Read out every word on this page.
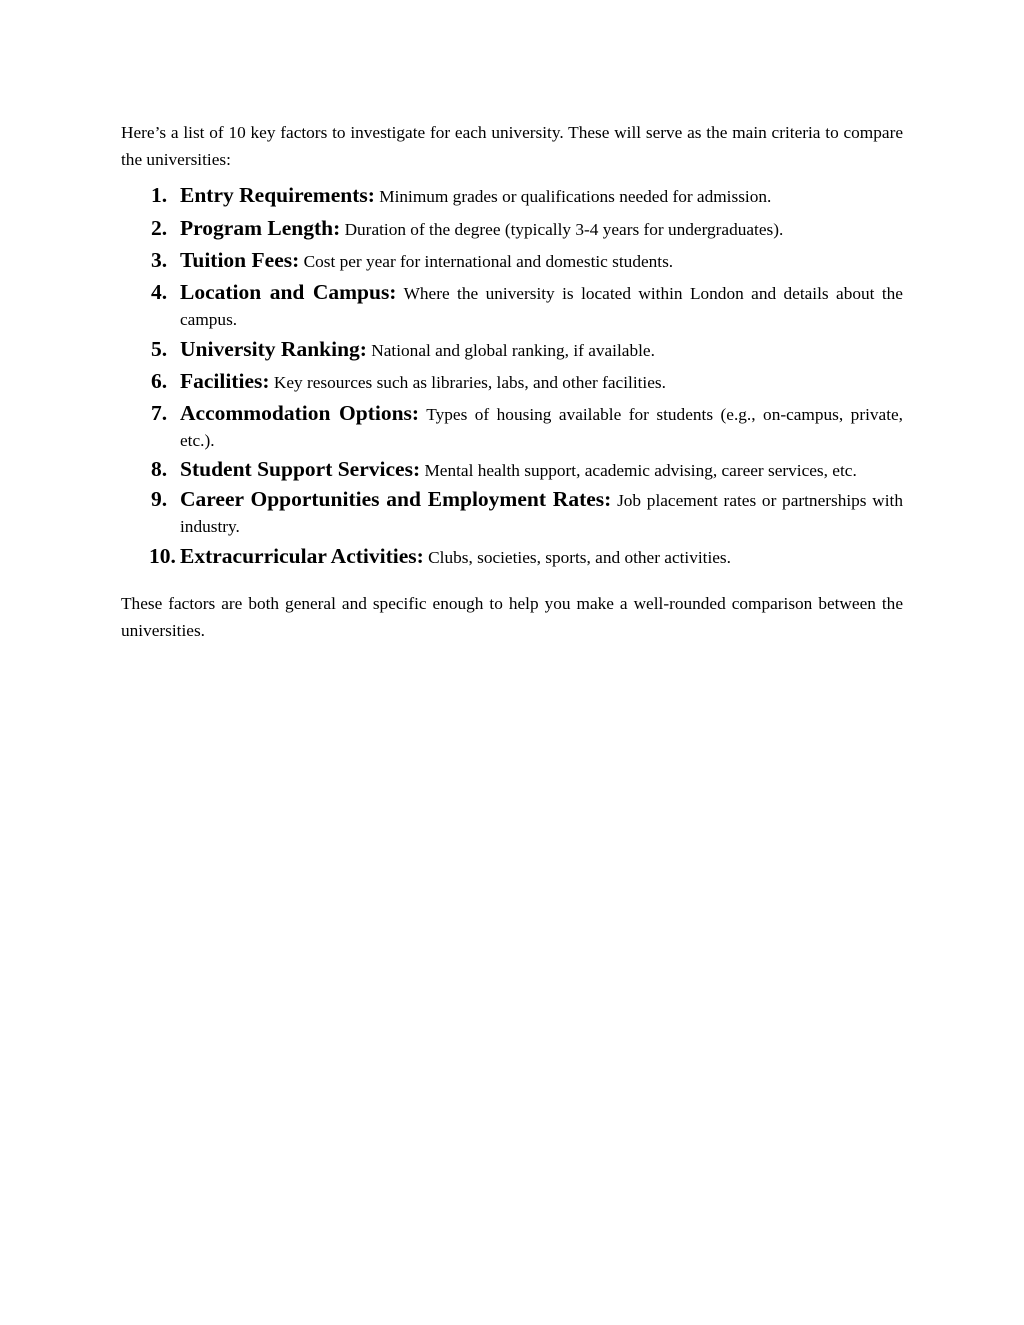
Here’s a list of 10 key factors to investigate for each university. These will serve as the main criteria to compare the universities:

1. Entry Requirements: Minimum grades or qualifications needed for admission.
2. Program Length: Duration of the degree (typically 3-4 years for undergraduates).
3. Tuition Fees: Cost per year for international and domestic students.
4. Location and Campus: Where the university is located within London and details about the campus.
5. University Ranking: National and global ranking, if available.
6. Facilities: Key resources such as libraries, labs, and other facilities.
7. Accommodation Options: Types of housing available for students (e.g., on-campus, private, etc.).
8. Student Support Services: Mental health support, academic advising, career services, etc.
9. Career Opportunities and Employment Rates: Job placement rates or partnerships with industry.
10. Extracurricular Activities: Clubs, societies, sports, and other activities.

These factors are both general and specific enough to help you make a well-rounded comparison between the universities.
